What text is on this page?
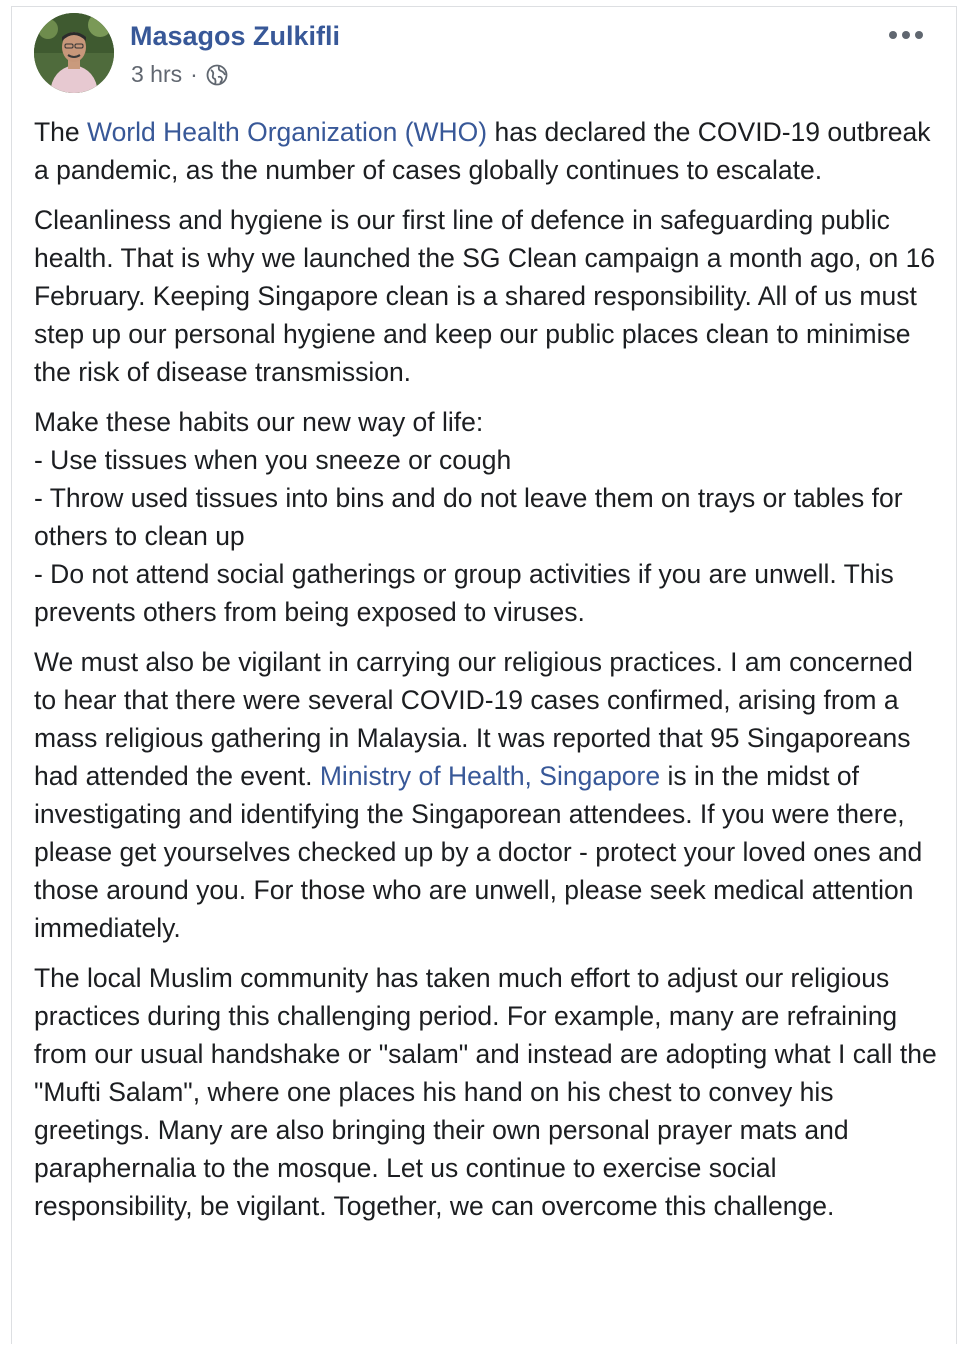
Masagos Zulkifli
3 hrs ·

The World Health Organization (WHO) has declared the COVID-19 outbreak a pandemic, as the number of cases globally continues to escalate.

Cleanliness and hygiene is our first line of defence in safeguarding public health. That is why we launched the SG Clean campaign a month ago, on 16 February. Keeping Singapore clean is a shared responsibility. All of us must step up our personal hygiene and keep our public places clean to minimise the risk of disease transmission.

Make these habits our new way of life:
- Use tissues when you sneeze or cough
- Throw used tissues into bins and do not leave them on trays or tables for others to clean up
- Do not attend social gatherings or group activities if you are unwell. This prevents others from being exposed to viruses.

We must also be vigilant in carrying our religious practices. I am concerned to hear that there were several COVID-19 cases confirmed, arising from a mass religious gathering in Malaysia. It was reported that 95 Singaporeans had attended the event. Ministry of Health, Singapore is in the midst of investigating and identifying the Singaporean attendees. If you were there, please get yourselves checked up by a doctor - protect your loved ones and those around you. For those who are unwell, please seek medical attention immediately.

The local Muslim community has taken much effort to adjust our religious practices during this challenging period. For example, many are refraining from our usual handshake or "salam" and instead are adopting what I call the "Mufti Salam", where one places his hand on his chest to convey his greetings. Many are also bringing their own personal prayer mats and paraphernalia to the mosque. Let us continue to exercise social responsibility, be vigilant. Together, we can overcome this challenge.
